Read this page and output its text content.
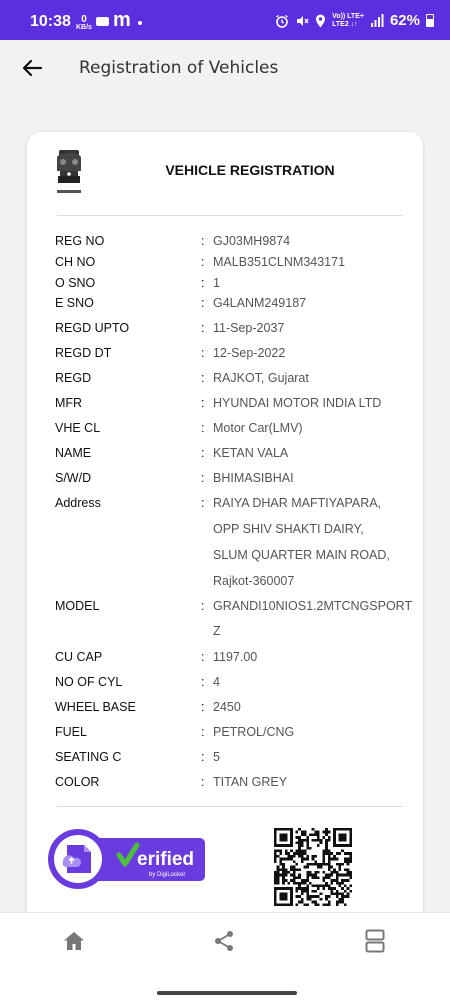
10:38	0
KB/s m	Vo)) LTE+
LTE2 ↓↑	62%
Registration of Vehicles
VEHICLE REGISTRATION
REG NO	: GJ03MH9874
CH NO	: MALB351CLNM343171
O SNO	: 1
E SNO	: G4LANM249187
REGD UPTO	: 11-Sep-2037
REGD DT	: 12-Sep-2022
REGD	: RAJKOT, Gujarat
MFR	: HYUNDAI MOTOR INDIA LTD
VHE CL	: Motor Car(LMV)
NAME	: KETAN VALA
S/W/D	: BHIMASIBHAI
Address	: RAIYA DHAR MAFTIYAPARA,
OPP SHIV SHAKTI DAIRY,
SLUM QUARTER MAIN ROAD,
Rajkot-360007
MODEL	: GRANDI10NIOS1.2MTCNGSPORT
Z
CU CAP	: 1197.00
NO OF CYL	: 4
WHEEL BASE	: 2450
FUEL	: PETROL/CNG
SEATING C	: 5
COLOR	: TITAN GREY
erified
by DigiLocker
